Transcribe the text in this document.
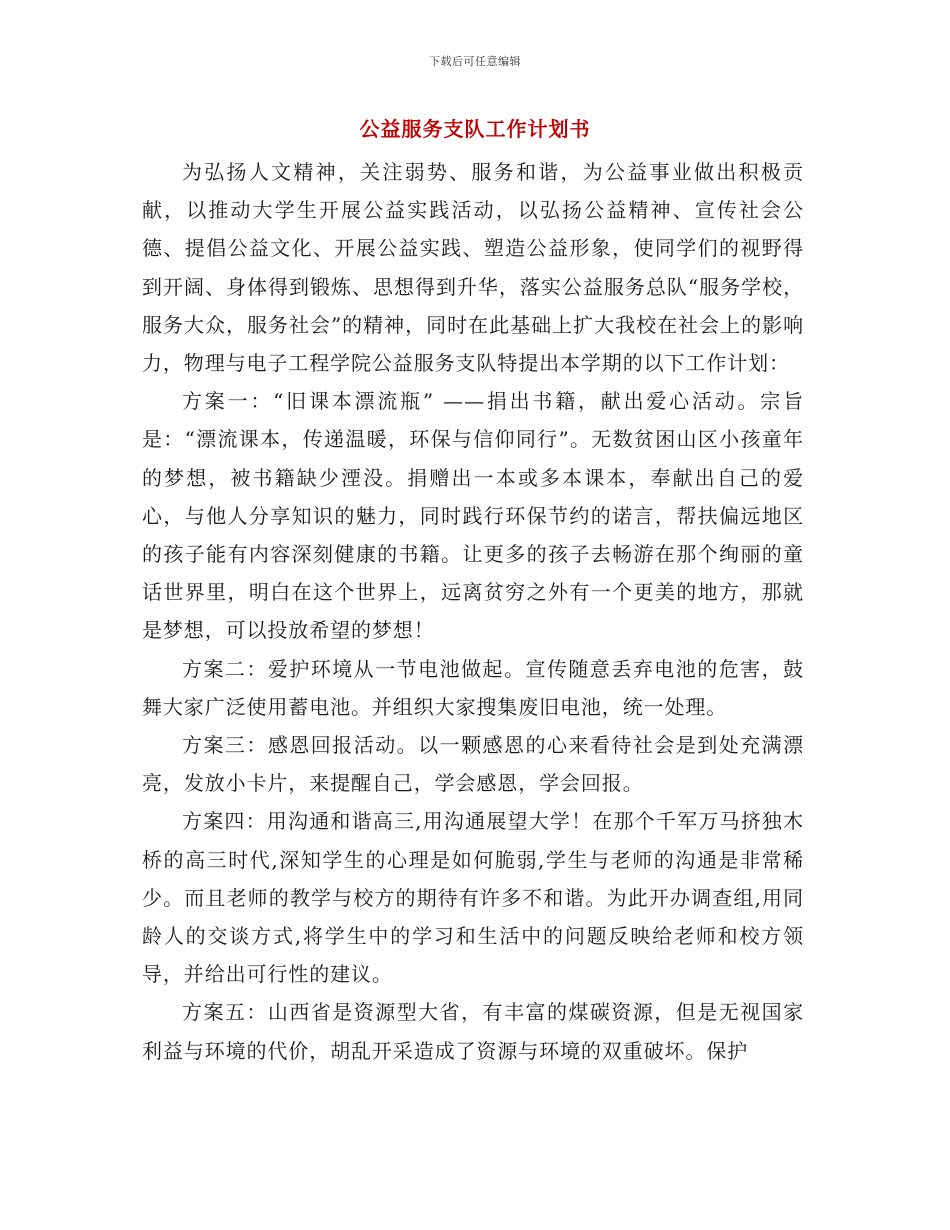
下载后可任意编辑
公益服务支队工作计划书

为弘扬人文精神，关注弱势、服务和谐，为公益事业做出积极贡献，以推动大学生开展公益实践活动，以弘扬公益精神、宣传社会公德、提倡公益文化、开展公益实践、塑造公益形象，使同学们的视野得到开阔、身体得到锻炼、思想得到升华，落实公益服务总队“服务学校，服务大众，服务社会”的精神，同时在此基础上扩大我校在社会上的影响力，物理与电子工程学院公益服务支队特提出本学期的以下工作计划：

方案一：“旧课本漂流瓶” ——捐出书籍，献出爱心活动。宗旨是：“漂流课本，传递温暖，环保与信仰同行”。无数贫困山区小孩童年的梦想，被书籍缺少湮没。捐赠出一本或多本课本，奉献出自己的爱心，与他人分享知识的魅力，同时践行环保节约的诺言，帮扶偏远地区的孩子能有内容深刻健康的书籍。让更多的孩子去畅游在那个绚丽的童话世界里，明白在这个世界上，远离贫穷之外有一个更美的地方，那就是梦想，可以投放希望的梦想！

方案二：爱护环境从一节电池做起。宣传随意丢弃电池的危害，鼓舞大家广泛使用蓄电池。并组织大家搜集废旧电池，统一处理。

方案三：感恩回报活动。以一颗感恩的心来看待社会是到处充满漂亮，发放小卡片，来提醒自己，学会感恩，学会回报。

方案四：用沟通和谐高三,用沟通展望大学！在那个千军万马挤独木桥的高三时代,深知学生的心理是如何脆弱,学生与老师的沟通是非常稀少。而且老师的教学与校方的期待有许多不和谐。为此开办调查组,用同龄人的交谈方式,将学生中的学习和生活中的问题反映给老师和校方领导，并给出可行性的建议。

方案五：山西省是资源型大省，有丰富的煤碳资源，但是无视国家利益与环境的代价，胡乱开采造成了资源与环境的双重破坏。保护
